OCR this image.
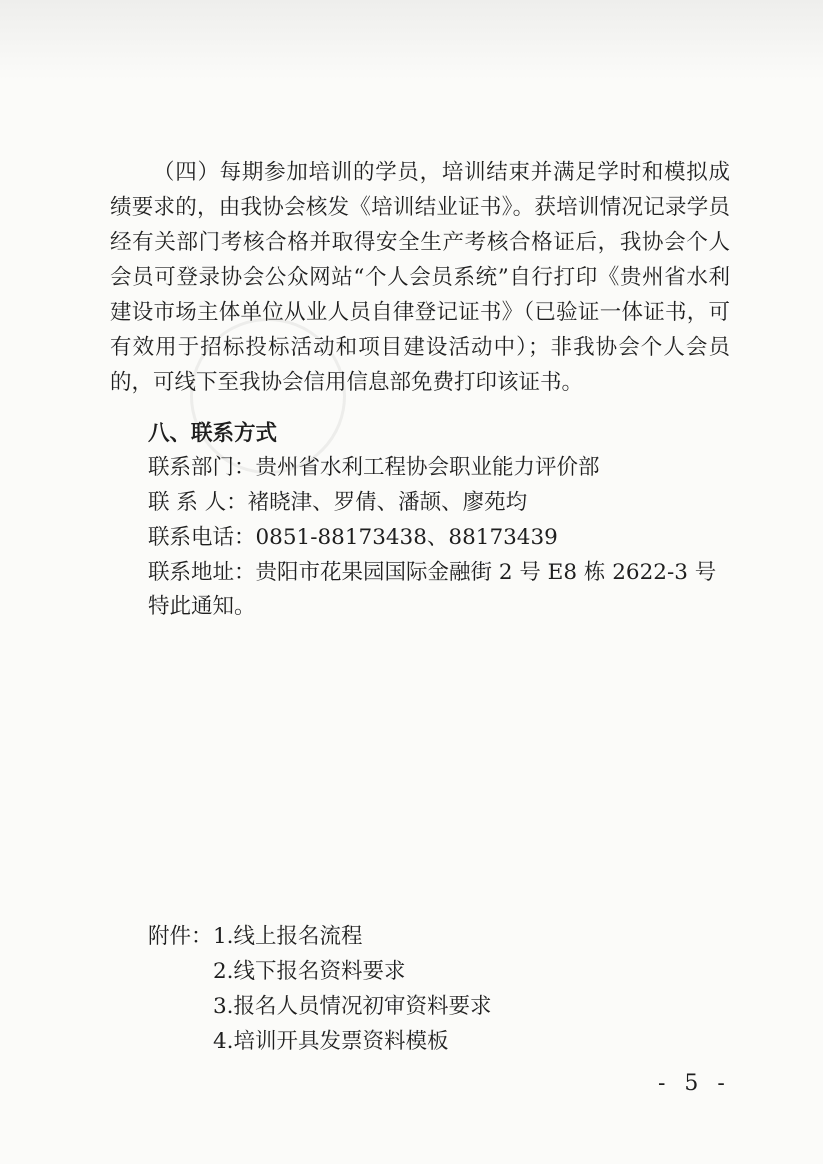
（四）每期参加培训的学员，培训结束并满足学时和模拟成绩要求的，由我协会核发《培训结业证书》。获培训情况记录学员经有关部门考核合格并取得安全生产考核合格证后，我协会个人会员可登录协会公众网站“个人会员系统”自行打印《贵州省水利建设市场主体单位从业人员自律登记证书》（已验证一体证书，可有效用于招标投标活动和项目建设活动中）；非我协会个人会员的，可线下至我协会信用信息部免费打印该证书。

八、联系方式
联系部门：贵州省水利工程协会职业能力评价部
联 系 人：褚晓津、罗倩、潘颉、廖苑均
联系电话：0851-88173438、88173439
联系地址：贵阳市花果园国际金融街 2 号 E8 栋 2622-3 号
特此通知。
附件： 1.线上报名流程
2.线下报名资料要求
3.报名人员情况初审资料要求
4.培训开具发票资料模板
- 5 -
